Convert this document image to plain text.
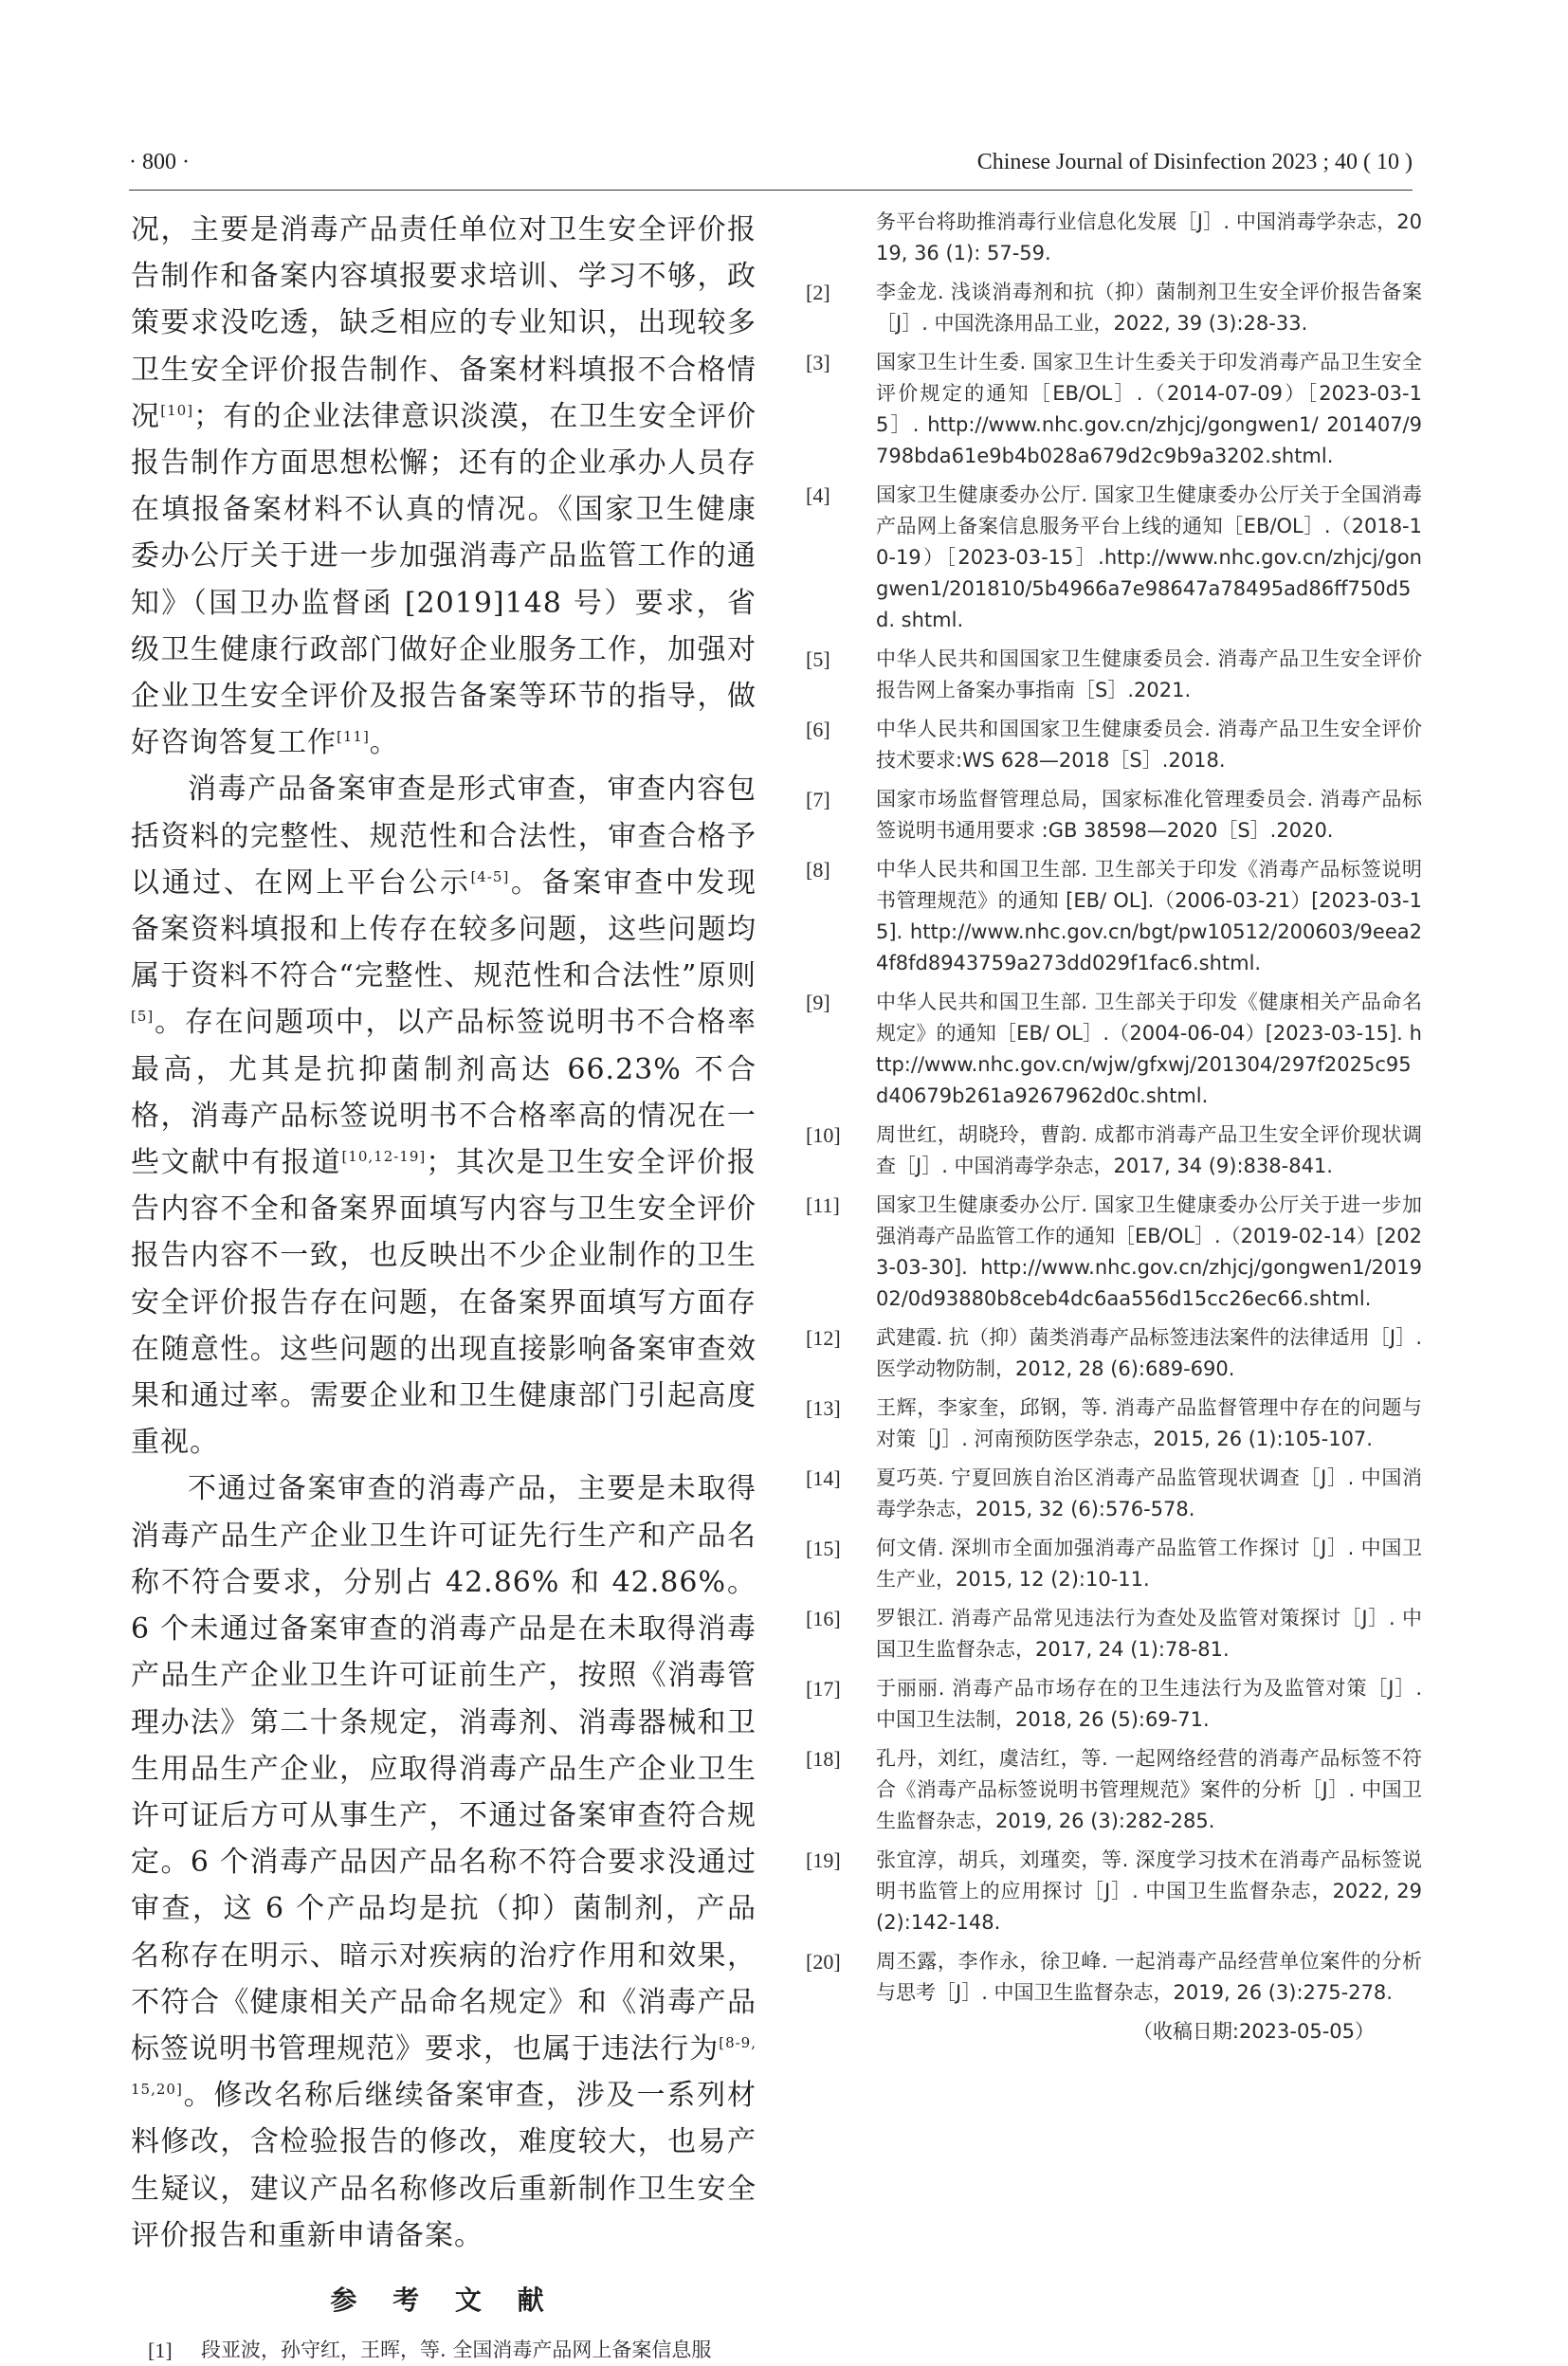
· 800 ·	Chinese Journal of Disinfection 2023 ; 40 ( 10 )

况，主要是消毒产品责任单位对卫生安全评价报告制作和备案内容填报要求培训、学习不够，政策要求没吃透，缺乏相应的专业知识，出现较多卫生安全评价报告制作、备案材料填报不合格情况[10]；有的企业法律意识淡漠，在卫生安全评价报告制作方面思想松懈；还有的企业承办人员存在填报备案材料不认真的情况。《国家卫生健康委办公厅关于进一步加强消毒产品监管工作的通知》（国卫办监督函 [2019]148 号）要求，省级卫生健康行政部门做好企业服务工作，加强对企业卫生安全评价及报告备案等环节的指导，做好咨询答复工作[11]。

消毒产品备案审查是形式审查，审查内容包括资料的完整性、规范性和合法性，审查合格予以通过、在网上平台公示[4-5]。备案审查中发现备案资料填报和上传存在较多问题，这些问题均属于资料不符合“完整性、规范性和合法性”原则[5]。存在问题项中，以产品标签说明书不合格率最高，尤其是抗抑菌制剂高达 66.23% 不合格，消毒产品标签说明书不合格率高的情况在一些文献中有报道[10,12-19]；其次是卫生安全评价报告内容不全和备案界面填写内容与卫生安全评价报告内容不一致，也反映出不少企业制作的卫生安全评价报告存在问题，在备案界面填写方面存在随意性。这些问题的出现直接影响备案审查效果和通过率。需要企业和卫生健康部门引起高度重视。

不通过备案审查的消毒产品，主要是未取得消毒产品生产企业卫生许可证先行生产和产品名称不符合要求，分别占 42.86% 和 42.86%。6 个未通过备案审查的消毒产品是在未取得消毒产品生产企业卫生许可证前生产，按照《消毒管理办法》第二十条规定，消毒剂、消毒器械和卫生用品生产企业，应取得消毒产品生产企业卫生许可证后方可从事生产，不通过备案审查符合规定。6 个消毒产品因产品名称不符合要求没通过审查，这 6 个产品均是抗（抑）菌制剂，产品名称存在明示、暗示对疾病的治疗作用和效果，不符合《健康相关产品命名规定》和《消毒产品标签说明书管理规范》要求，也属于违法行为[8-9, 15,20]。修改名称后继续备案审查，涉及一系列材料修改，含检验报告的修改，难度较大，也易产生疑议，建议产品名称修改后重新制作卫生安全评价报告和重新申请备案。

参 考 文 献
[1] 段亚波，孙守红，王晖，等. 全国消毒产品网上备案信息服
务平台将助推消毒行业信息化发展［J］. 中国消毒学杂志，2019, 36 (1): 57-59.
[2] 李金龙. 浅谈消毒剂和抗（抑）菌制剂卫生安全评价报告备案［J］. 中国洗涤用品工业，2022, 39 (3):28-33.
[3] 国家卫生计生委. 国家卫生计生委关于印发消毒产品卫生安全评价规定的通知［EB/OL］.（2014-07-09）［2023-03-15］. http://www.nhc.gov.cn/zhjcj/gongwen1/ 201407/9798bda61e9b4b028a679d2c9b9a3202.shtml.
[4] 国家卫生健康委办公厅. 国家卫生健康委办公厅关于全国消毒产品网上备案信息服务平台上线的通知［EB/OL］.（2018-10-19）［2023-03-15］.http://www.nhc.gov.cn/zhjcj/gongwen1/201810/5b4966a7e98647a78495ad86ff750d5d. shtml.
[5] 中华人民共和国国家卫生健康委员会. 消毒产品卫生安全评价报告网上备案办事指南［S］.2021.
[6] 中华人民共和国国家卫生健康委员会. 消毒产品卫生安全评价技术要求:WS 628—2018［S］.2018.
[7] 国家市场监督管理总局，国家标准化管理委员会. 消毒产品标签说明书通用要求 :GB 38598—2020［S］.2020.
[8] 中华人民共和国卫生部. 卫生部关于印发《消毒产品标签说明书管理规范》的通知 [EB/ OL].（2006-03-21）[2023-03-15]. http://www.nhc.gov.cn/bgt/pw10512/200603/9eea24f8fd8943759a273dd029f1fac6.shtml.
[9] 中华人民共和国卫生部. 卫生部关于印发《健康相关产品命名规定》的通知［EB/ OL］.（2004-06-04）[2023-03-15]. http://www.nhc.gov.cn/wjw/gfxwj/201304/297f2025c95d40679b261a9267962d0c.shtml.
[10] 周世红，胡晓玲，曹韵. 成都市消毒产品卫生安全评价现状调查［J］. 中国消毒学杂志，2017, 34 (9):838-841.
[11] 国家卫生健康委办公厅. 国家卫生健康委办公厅关于进一步加强消毒产品监管工作的通知［EB/OL］.（2019-02-14）[2023-03-30]. http://www.nhc.gov.cn/zhjcj/gongwen1/201902/0d93880b8ceb4dc6aa556d15cc26ec66.shtml.
[12] 武建霞. 抗（抑）菌类消毒产品标签违法案件的法律适用［J］. 医学动物防制，2012, 28 (6):689-690.
[13] 王辉，李家奎，邱钢，等. 消毒产品监督管理中存在的问题与对策［J］. 河南预防医学杂志，2015, 26 (1):105-107.
[14] 夏巧英. 宁夏回族自治区消毒产品监管现状调查［J］. 中国消毒学杂志，2015, 32 (6):576-578.
[15] 何文倩. 深圳市全面加强消毒产品监管工作探讨［J］. 中国卫生产业，2015, 12 (2):10-11.
[16] 罗银江. 消毒产品常见违法行为查处及监管对策探讨［J］. 中国卫生监督杂志，2017, 24 (1):78-81.
[17] 于丽丽. 消毒产品市场存在的卫生违法行为及监管对策［J］. 中国卫生法制，2018, 26 (5):69-71.
[18] 孔丹，刘红，虞洁红，等. 一起网络经营的消毒产品标签不符合《消毒产品标签说明书管理规范》案件的分析［J］. 中国卫生监督杂志，2019, 26 (3):282-285.
[19] 张宜淳，胡兵，刘瑾奕，等. 深度学习技术在消毒产品标签说明书监管上的应用探讨［J］. 中国卫生监督杂志，2022, 29 (2):142-148.
[20] 周丕露，李作永，徐卫峰. 一起消毒产品经营单位案件的分析与思考［J］. 中国卫生监督杂志，2019, 26 (3):275-278.
（收稿日期:2023-05-05）
